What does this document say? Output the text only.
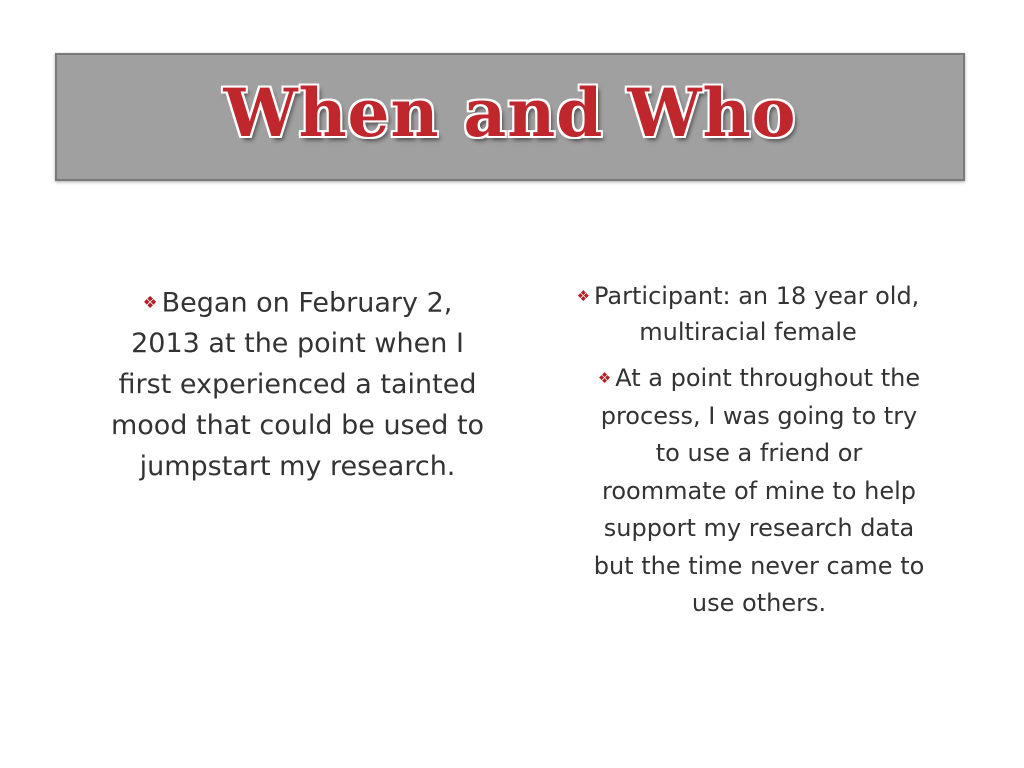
When and Who

❖ Began on February 2, 2013 at the point when I first experienced a tainted mood that could be used to jumpstart my research.

❖ Participant: an 18 year old, multiracial female

❖ At a point throughout the process, I was going to try to use a friend or roommate of mine to help support my research data but the time never came to use others.
